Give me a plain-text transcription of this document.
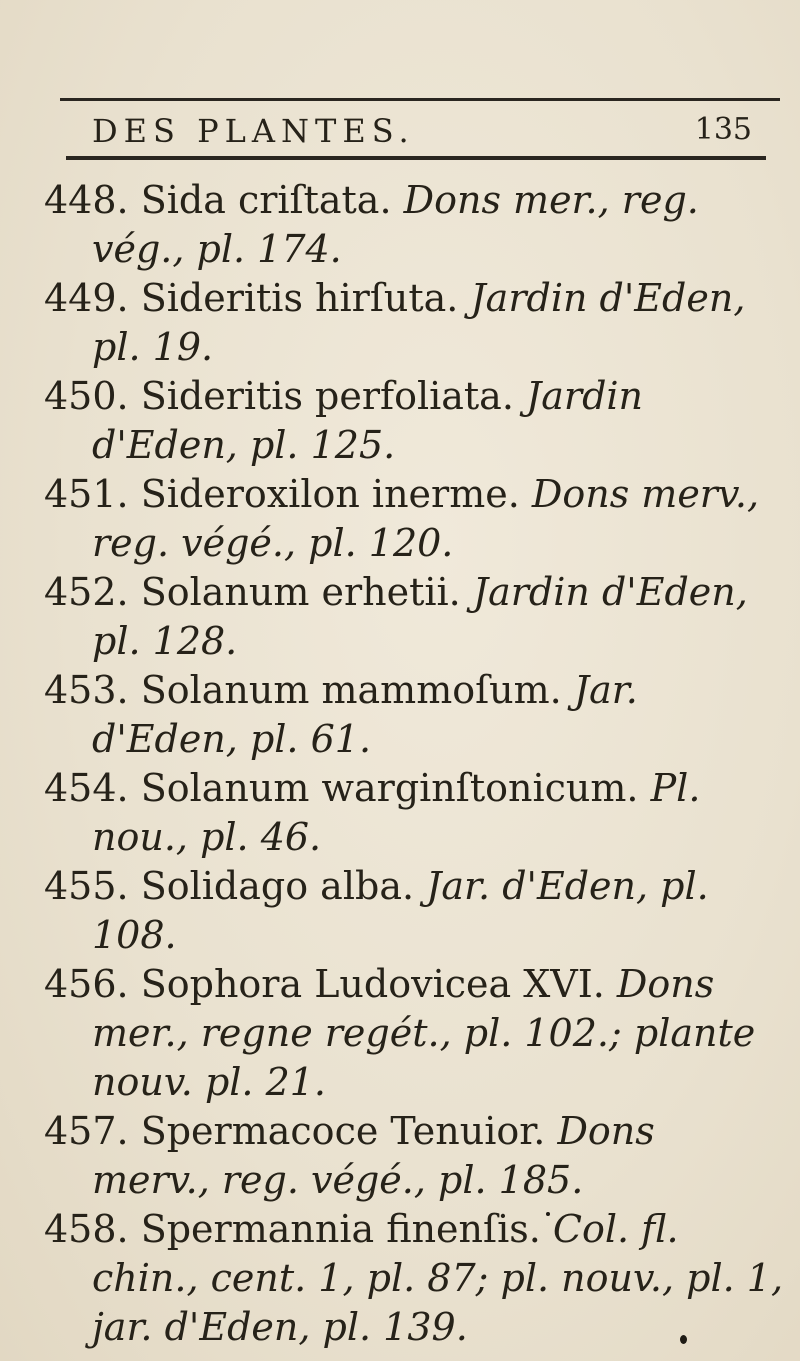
DES PLANTES.	135

448. Sida criſtata. Dons mer., reg. vég., pl. 174.

449. Sideritis hirſuta. Jardin d'Eden, pl. 19.

450. Sideritis perfoliata. Jardin d'Eden, pl. 125.

451. Sideroxilon inerme. Dons merv., reg. végé., pl. 120.

452. Solanum erhetii. Jardin d'Eden, pl. 128.

453. Solanum mammoſum. Jar. d'Eden, pl. 61.

454. Solanum warginſtonicum. Pl. nou., pl. 46.

455. Solidago alba. Jar. d'Eden, pl. 108.

456. Sophora Ludovicea XVI. Dons mer., regne regét., pl. 102.; plante nouv. pl. 21.

457. Spermacoce Tenuior. Dons merv., reg. végé., pl. 185.

458. Spermannia finenſis. Col. fl. chin., cent. 1, pl. 87; pl. nouv., pl. 1, jar. d'Eden, pl. 139.
